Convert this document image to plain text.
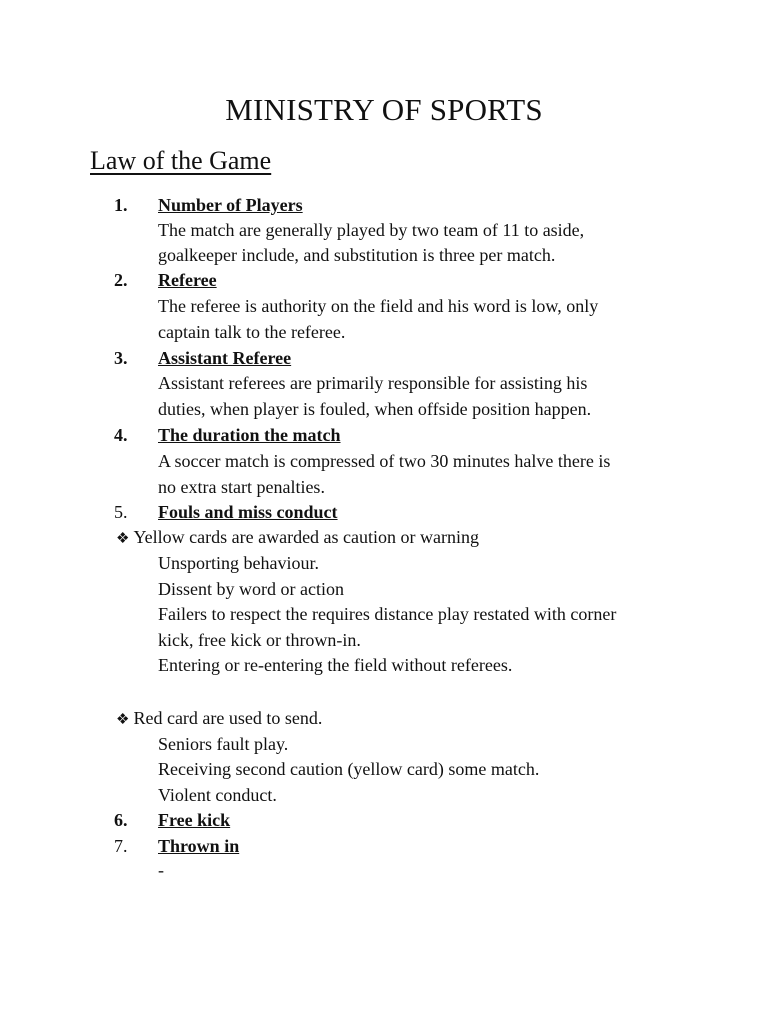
MINISTRY OF SPORTS
Law of the Game
1. Number of Players
The match are generally played by two team of 11 to aside,
goalkeeper include, and substitution is three per match.
2. Referee
The referee is authority on the field and his word is low, only
captain talk to the referee.
3. Assistant Referee
Assistant referees are primarily responsible for assisting his
duties, when player is fouled, when offside position happen.
4. The duration the match
A soccer match is compressed of two 30 minutes halve there is
no extra start penalties.
5. Fouls and miss conduct
❖ Yellow cards are awarded as caution or warning
Unsporting behaviour.
Dissent by word or action
Failers to respect the requires distance play restated with corner
kick, free kick or thrown-in.
Entering or re-entering the field without referees.
❖ Red card are used to send.
Seniors fault play.
Receiving second caution (yellow card) some match.
Violent conduct.
6. Free kick
7. Thrown in
-
